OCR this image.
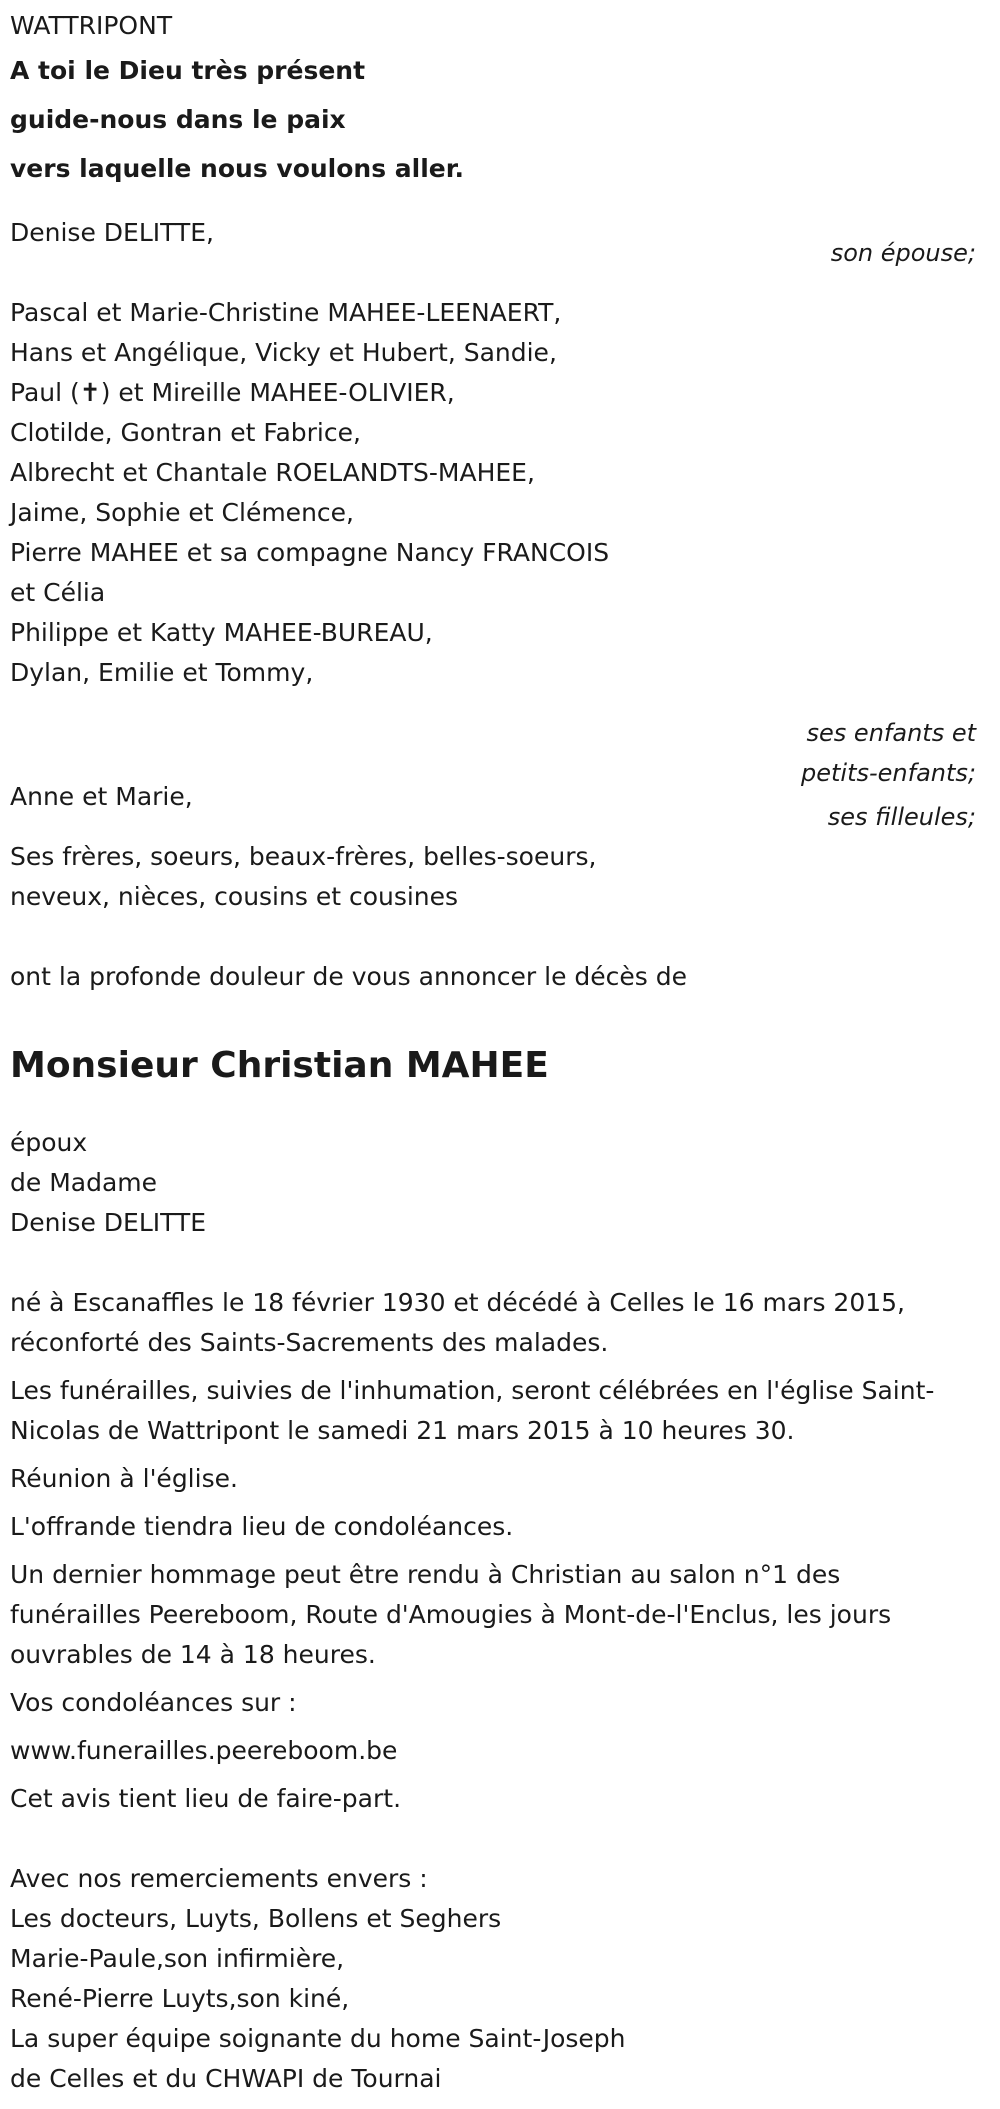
WATTRIPONT
A toi le Dieu très présent
guide-nous dans le paix
vers laquelle nous voulons aller.
Denise DELITTE,
son épouse;
Pascal et Marie-Christine MAHEE-LEENAERT,
Hans et Angélique, Vicky et Hubert, Sandie,
Paul (✝) et Mireille MAHEE-OLIVIER,
Clotilde, Gontran et Fabrice,
Albrecht et Chantale ROELANDTS-MAHEE,
Jaime, Sophie et Clémence,
Pierre MAHEE et sa compagne Nancy FRANCOIS
et Célia
Philippe et Katty MAHEE-BUREAU,
Dylan, Emilie et Tommy,
ses enfants et
petits-enfants;
Anne et Marie,
ses filleules;
Ses frères, soeurs, beaux-frères, belles-soeurs,
neveux, nièces, cousins et cousines
ont la profonde douleur de vous annoncer le décès de
Monsieur Christian MAHEE
époux
de Madame
Denise DELITTE
né à Escanaffles le 18 février 1930 et décédé à Celles le 16 mars 2015,
réconforté des Saints-Sacrements des malades.
Les funérailles, suivies de l'inhumation, seront célébrées en l'église Saint-
Nicolas de Wattripont le samedi 21 mars 2015 à 10 heures 30.
Réunion à l'église.
L'offrande tiendra lieu de condoléances.
Un dernier hommage peut être rendu à Christian au salon n°1 des
funérailles Peereboom, Route d'Amougies à Mont-de-l'Enclus, les jours
ouvrables de 14 à 18 heures.
Vos condoléances sur :
www.funerailles.peereboom.be
Cet avis tient lieu de faire-part.
Avec nos remerciements envers :
Les docteurs, Luyts, Bollens et Seghers
Marie-Paule,son infirmière,
René-Pierre Luyts,son kiné,
La super équipe soignante du home Saint-Joseph
de Celles et du CHWAPI de Tournai
